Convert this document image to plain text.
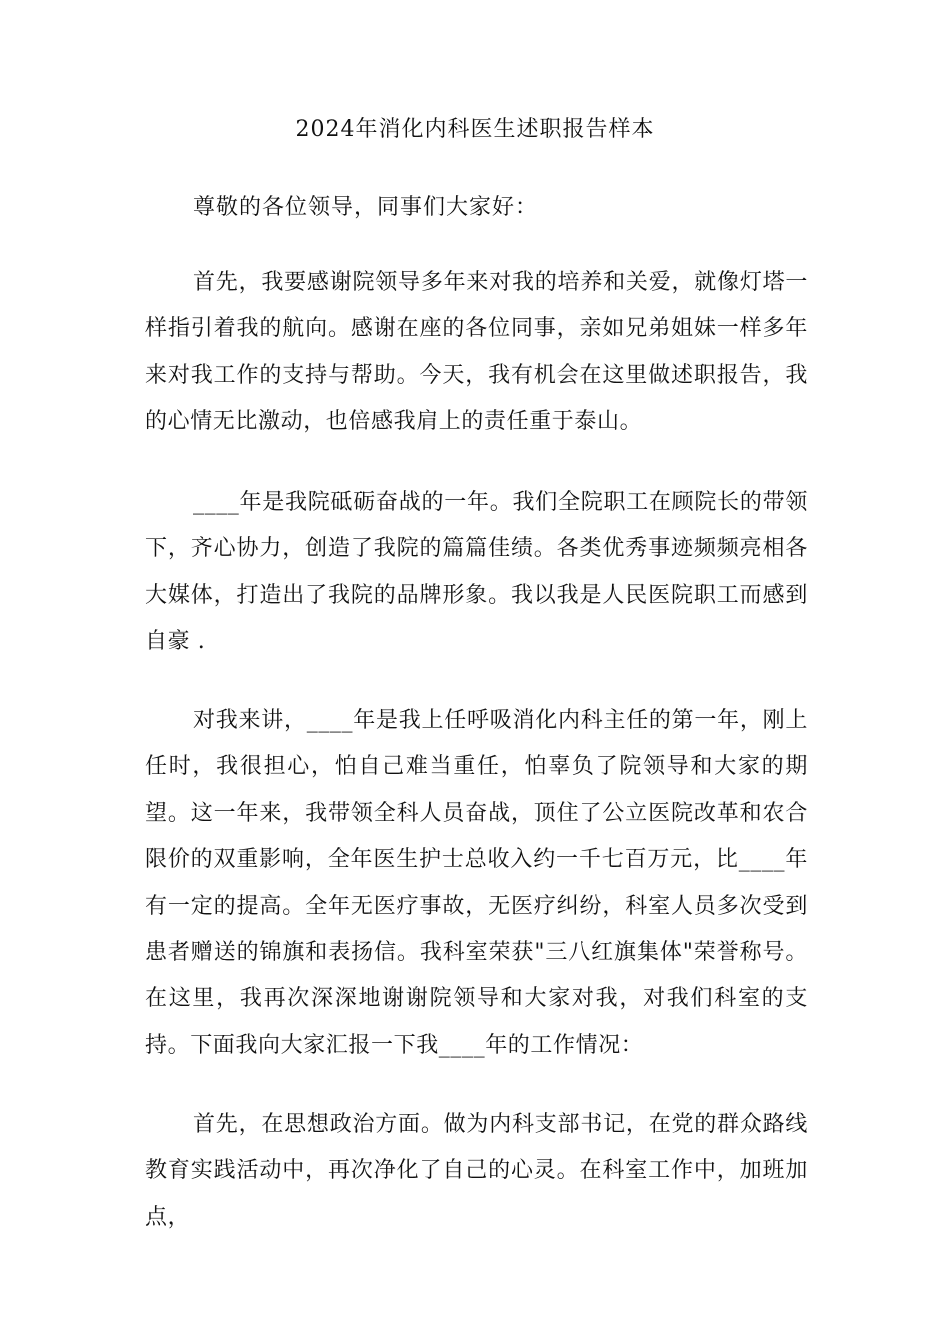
2024年消化内科医生述职报告样本
尊敬的各位领导，同事们大家好：

首先，我要感谢院领导多年来对我的培养和关爱，就像灯塔一样指引着我的航向。感谢在座的各位同事，亲如兄弟姐妹一样多年来对我工作的支持与帮助。今天，我有机会在这里做述职报告，我的心情无比激动，也倍感我肩上的责任重于泰山。

____年是我院砥砺奋战的一年。我们全院职工在顾院长的带领下，齐心协力，创造了我院的篇篇佳绩。各类优秀事迹频频亮相各大媒体，打造出了我院的品牌形象。我以我是人民医院职工而感到自豪 .

对我来讲，____年是我上任呼吸消化内科主任的第一年，刚上任时，我很担心，怕自己难当重任，怕辜负了院领导和大家的期望。这一年来，我带领全科人员奋战，顶住了公立医院改革和农合限价的双重影响，全年医生护士总收入约一千七百万元，比____年有一定的提高。全年无医疗事故，无医疗纠纷，科室人员多次受到患者赠送的锦旗和表扬信。我科室荣获"三八红旗集体"荣誉称号。在这里，我再次深深地谢谢院领导和大家对我，对我们科室的支持。下面我向大家汇报一下我____年的工作情况：

首先，在思想政治方面。做为内科支部书记，在党的群众路线教育实践活动中，再次净化了自己的心灵。在科室工作中，加班加点，
